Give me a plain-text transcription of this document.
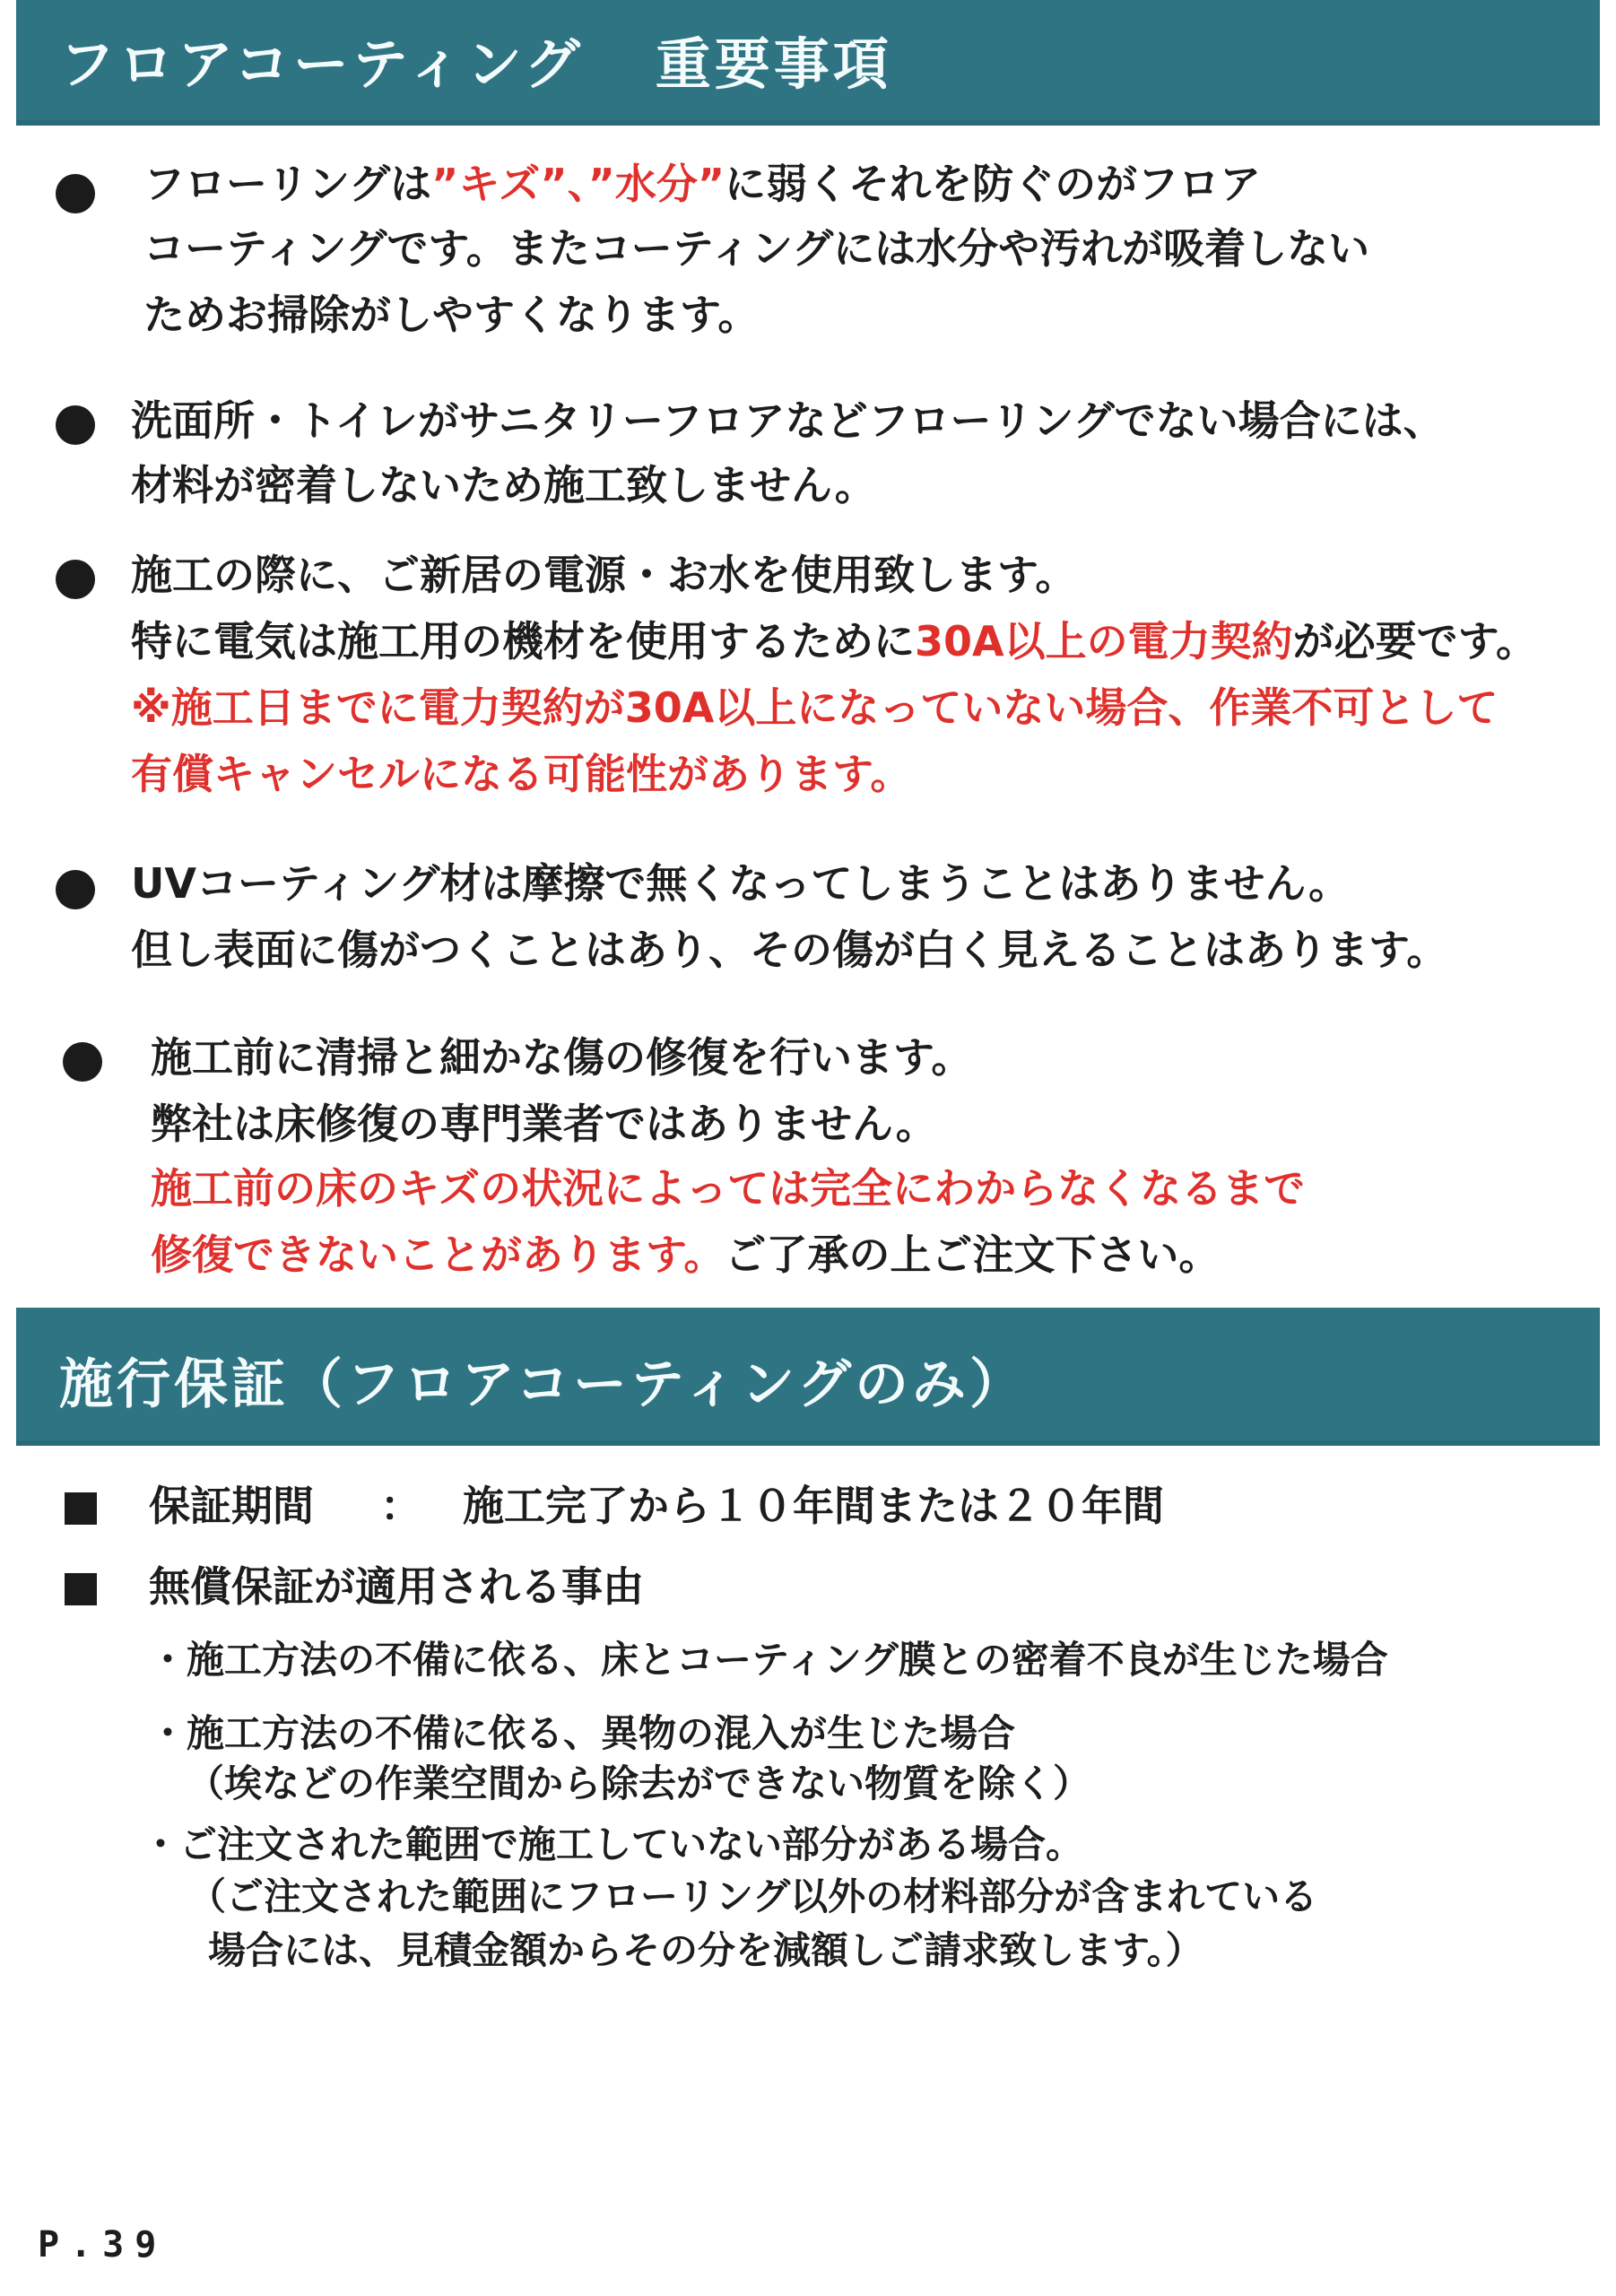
フロアコーティング 重要事項
フローリングは”キズ”、”水分”に弱くそれを防ぐのがフロア
コーティングです。またコーティングには水分や汚れが吸着しない
ためお掃除がしやすくなります。
洗面所・トイレがサニタリーフロアなどフローリングでない場合には、
材料が密着しないため施工致しません。
施工の際に、ご新居の電源・お水を使用致します。
特に電気は施工用の機材を使用するために30A以上の電力契約が必要です。
※施工日までに電力契約が30A以上になっていない場合、作業不可として
有償キャンセルになる可能性があります。
UVコーティング材は摩擦で無くなってしまうことはありません。
但し表面に傷がつくことはあり、その傷が白く見えることはあります。
施工前に清掃と細かな傷の修復を行います。
弊社は床修復の専門業者ではありません。
施工前の床のキズの状況によっては完全にわからなくなるまで
修復できないことがあります。ご了承の上ご注文下さい。
施行保証（フロアコーティングのみ）
保証期間 ： 施工完了から１０年間または２０年間
無償保証が適用される事由
・施工方法の不備に依る、床とコーティング膜との密着不良が生じた場合
・施工方法の不備に依る、異物の混入が生じた場合
（埃などの作業空間から除去ができない物質を除く）
・ご注文された範囲で施工していない部分がある場合。
（ご注文された範囲にフローリング以外の材料部分が含まれている
場合には、見積金額からその分を減額しご請求致します。）
P.39
